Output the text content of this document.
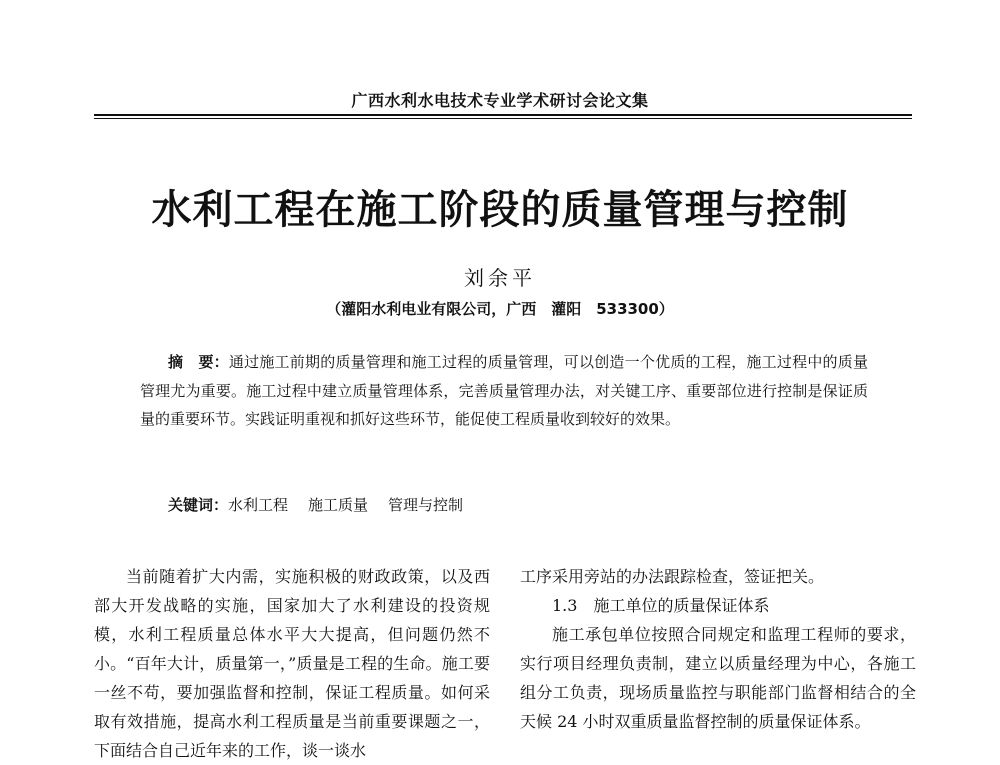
广西水利水电技术专业学术研讨会论文集
水利工程在施工阶段的质量管理与控制
刘余平
（灌阳水利电业有限公司，广西　灌阳　533300）
摘　要：通过施工前期的质量管理和施工过程的质量管理，可以创造一个优质的工程，施工过程中的质量管理尤为重要。施工过程中建立质量管理体系，完善质量管理办法，对关键工序、重要部位进行控制是保证质量的重要环节。实践证明重视和抓好这些环节，能促使工程质量收到较好的效果。
关键词：水利工程 施工质量 管理与控制

当前随着扩大内需，实施积极的财政政策，以及西部大开发战略的实施，国家加大了水利建设的投资规模，水利工程质量总体水平大大提高，但问题仍然不小。“百年大计，质量第一，”质量是工程的生命。施工要一丝不苟，要加强监督和控制，保证工程质量。如何采取有效措施，提高水利工程质量是当前重要课题之一，下面结合自己近年来的工作，谈一谈水

工序采用旁站的办法跟踪检查，签证把关。

1.3　施工单位的质量保证体系

施工承包单位按照合同规定和监理工程师的要求，实行项目经理负责制，建立以质量经理为中心，各施工组分工负责，现场质量监控与职能部门监督相结合的全天候 24 小时双重质量监督控制的质量保证体系。
